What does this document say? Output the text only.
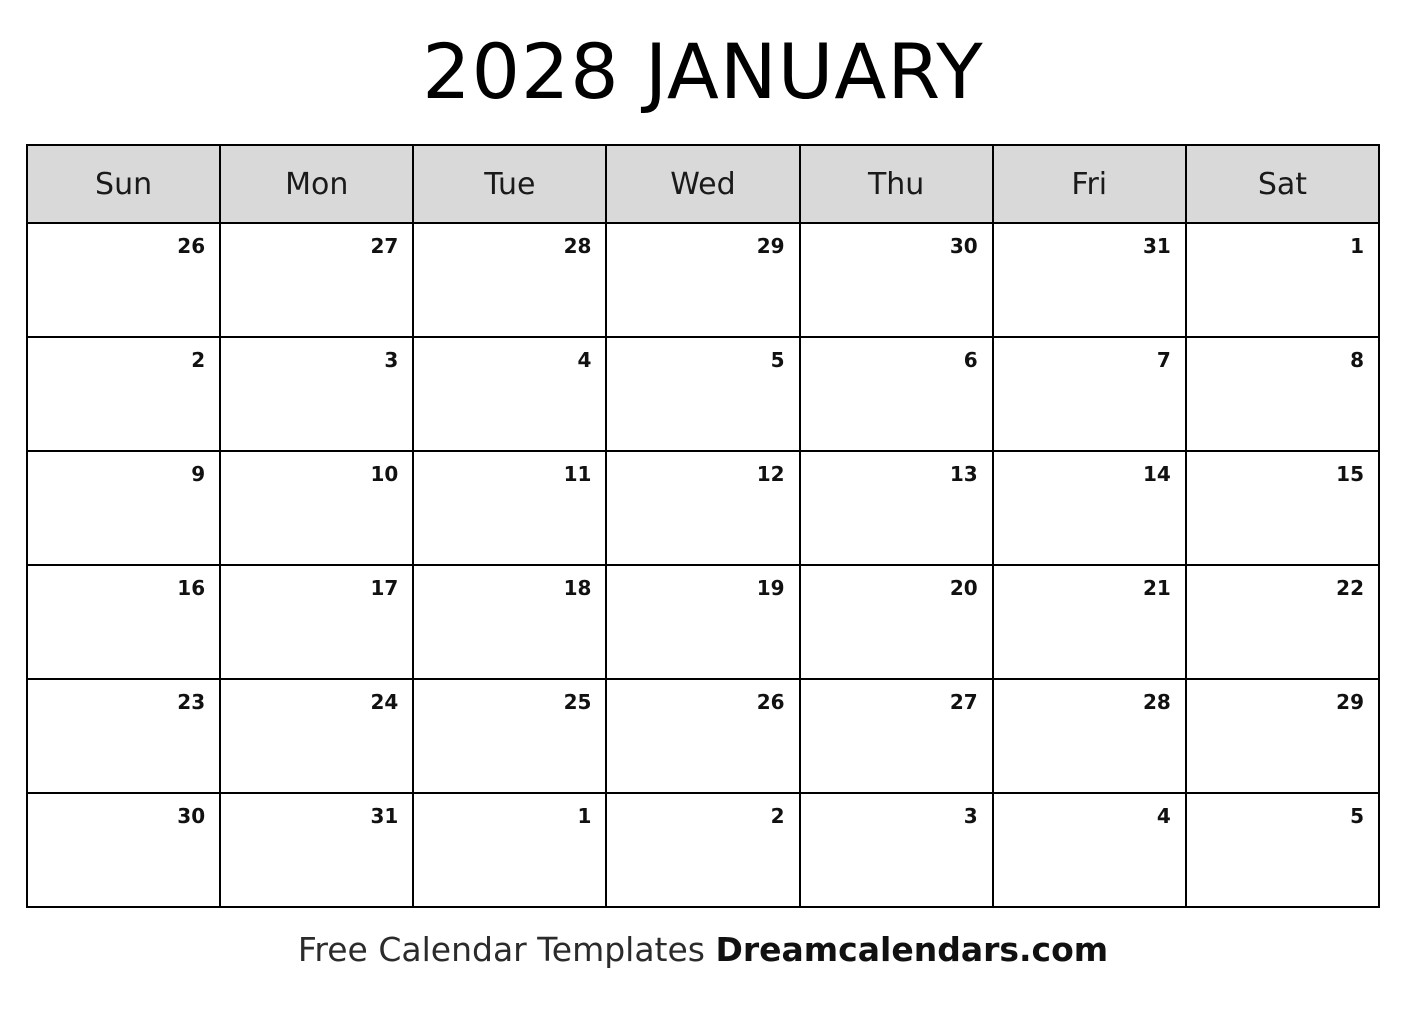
2028 JANUARY
Sun	Mon	Tue	Wed	Thu	Fri	Sat

26	27	28	29	30	31	1

2	3	4	5	6	7	8

9	10	11	12	13	14	15

16	17	18	19	20	21	22

23	24	25	26	27	28	29

30	31	1	2	3	4	5
Free Calendar Templates Dreamcalendars.com
